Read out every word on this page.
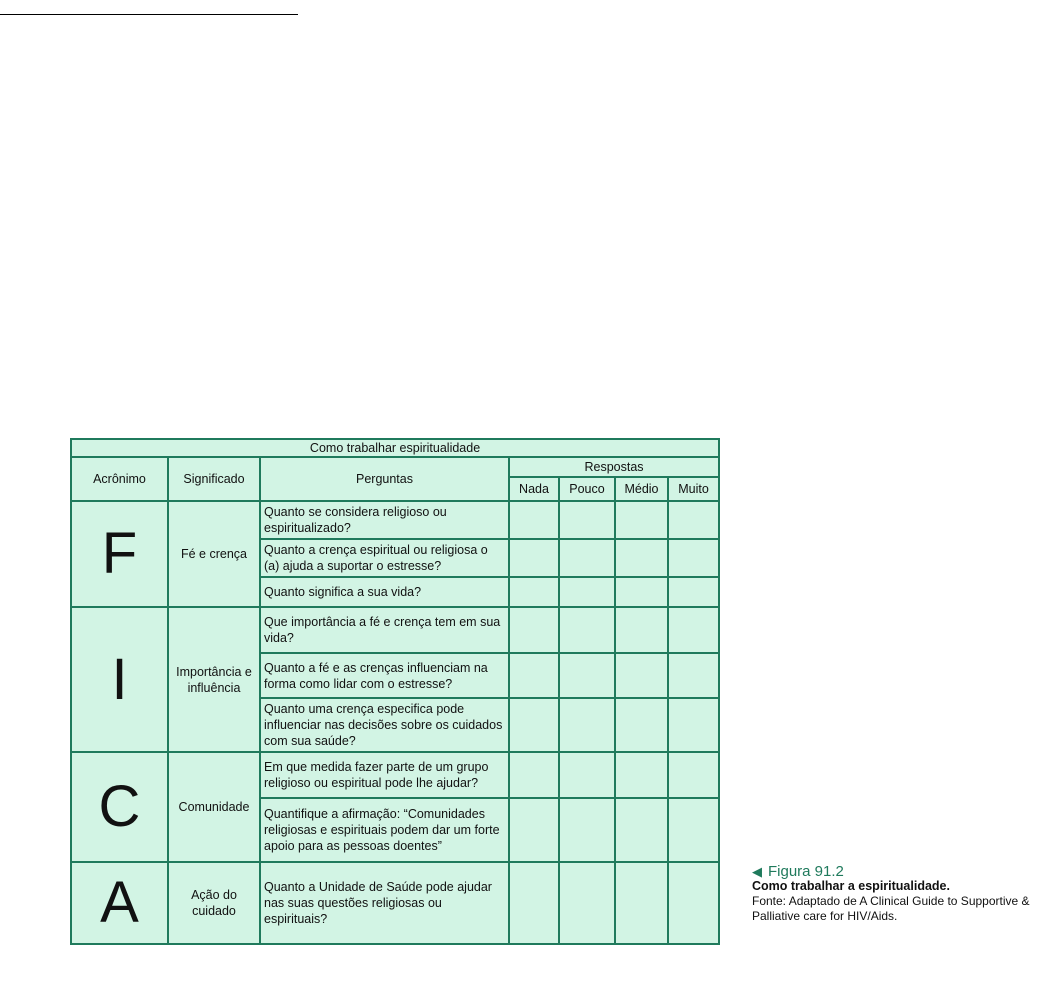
Como trabalhar espiritualidade						
Acrônimo	Significado	Perguntas	Respostas			
			Nada	Pouco	Médio	Muito
F	Fé e crença	Quanto se considera religioso ou espiritualizado?				
		Quanto a crença espiritual ou religiosa o (a) ajuda a suportar o estresse?				
		Quanto significa a sua vida?				
I	Importância e influência	Que importância a fé e crença tem em sua vida?				
		Quanto a fé e as crenças influenciam na forma como lidar com o estresse?				
		Quanto uma crença especifica pode influenciar nas decisões sobre os cuidados com sua saúde?				
C	Comunidade	Em que medida fazer parte de um grupo religioso ou espiritual pode lhe ajudar?				
		Quantifique a afirmação: “Comunidades religiosas e espirituais podem dar um forte apoio para as pessoas doentes”				
A	Ação do cuidado	Quanto a Unidade de Saúde pode ajudar nas suas questões religiosas ou espirituais?				
◀ Figura 91.2
Como trabalhar a espiritualidade.
Fonte: Adaptado de A Clinical Guide to Supportive & Palliative care for HIV/Aids.
